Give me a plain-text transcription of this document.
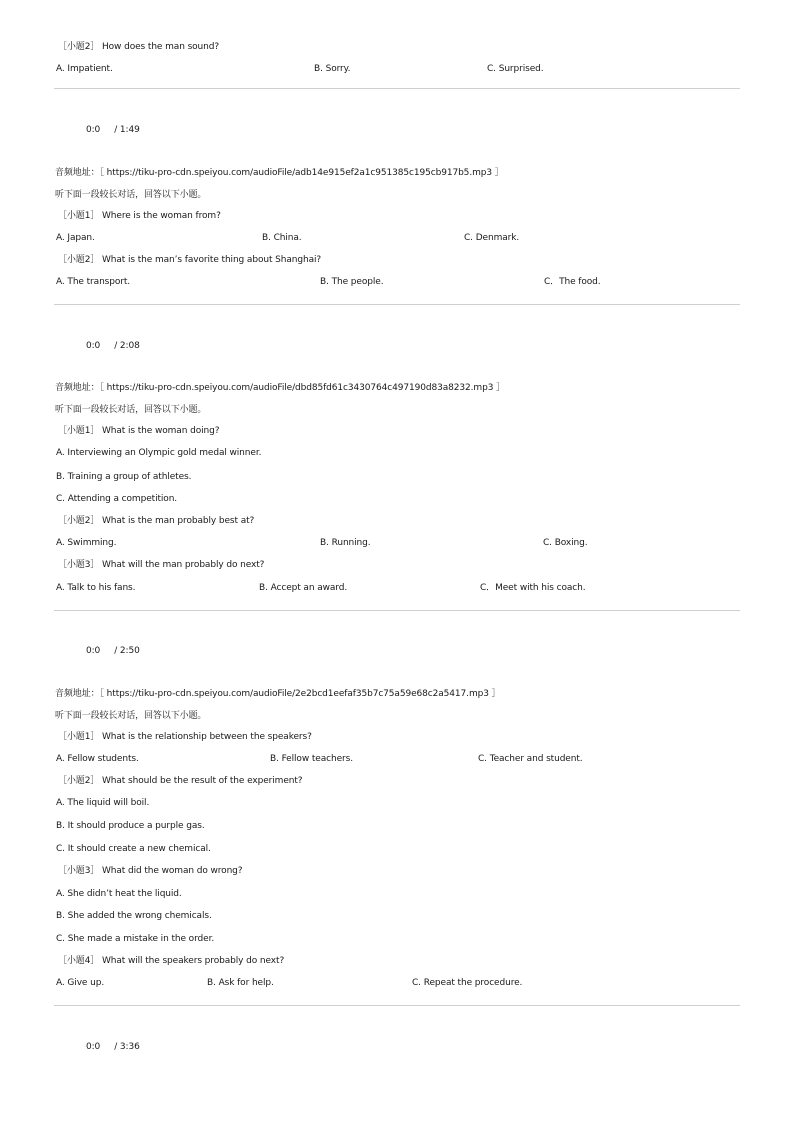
［小题2］ How does the man sound?
A. Impatient.	B. Sorry.	C. Surprised.
0:0 / 1:49
音频地址：［ https://tiku-pro-cdn.speiyou.com/audioFile/adb14e915ef2a1c951385c195cb917b5.mp3 ］
听下面一段较长对话，回答以下小题。
［小题1］ Where is the woman from?
A. Japan.	B. China.	C. Denmark.
［小题2］ What is the man’s favorite thing about Shanghai?
A. The transport.	B. The people.	C．The food.
0:0 / 2:08
音频地址：［ https://tiku-pro-cdn.speiyou.com/audioFile/dbd85fd61c3430764c497190d83a8232.mp3 ］
听下面一段较长对话，回答以下小题。
［小题1］ What is the woman doing?
A. Interviewing an Olympic gold medal winner.
B. Training a group of athletes.
C. Attending a competition.
［小题2］ What is the man probably best at?
A. Swimming.	B. Running.	C. Boxing.
［小题3］ What will the man probably do next?
A. Talk to his fans.	B. Accept an award.	C．Meet with his coach.
0:0 / 2:50
音频地址：［ https://tiku-pro-cdn.speiyou.com/audioFile/2e2bcd1eefaf35b7c75a59e68c2a5417.mp3 ］
听下面一段较长对话，回答以下小题。
［小题1］ What is the relationship between the speakers?
A. Fellow students.	B. Fellow teachers.	C. Teacher and student.
［小题2］ What should be the result of the experiment?
A. The liquid will boil.
B. It should produce a purple gas.
C. It should create a new chemical.
［小题3］ What did the woman do wrong?
A. She didn’t heat the liquid.
B. She added the wrong chemicals.
C. She made a mistake in the order.
［小题4］ What will the speakers probably do next?
A. Give up.	B. Ask for help.	C. Repeat the procedure.
0:0 / 3:36
